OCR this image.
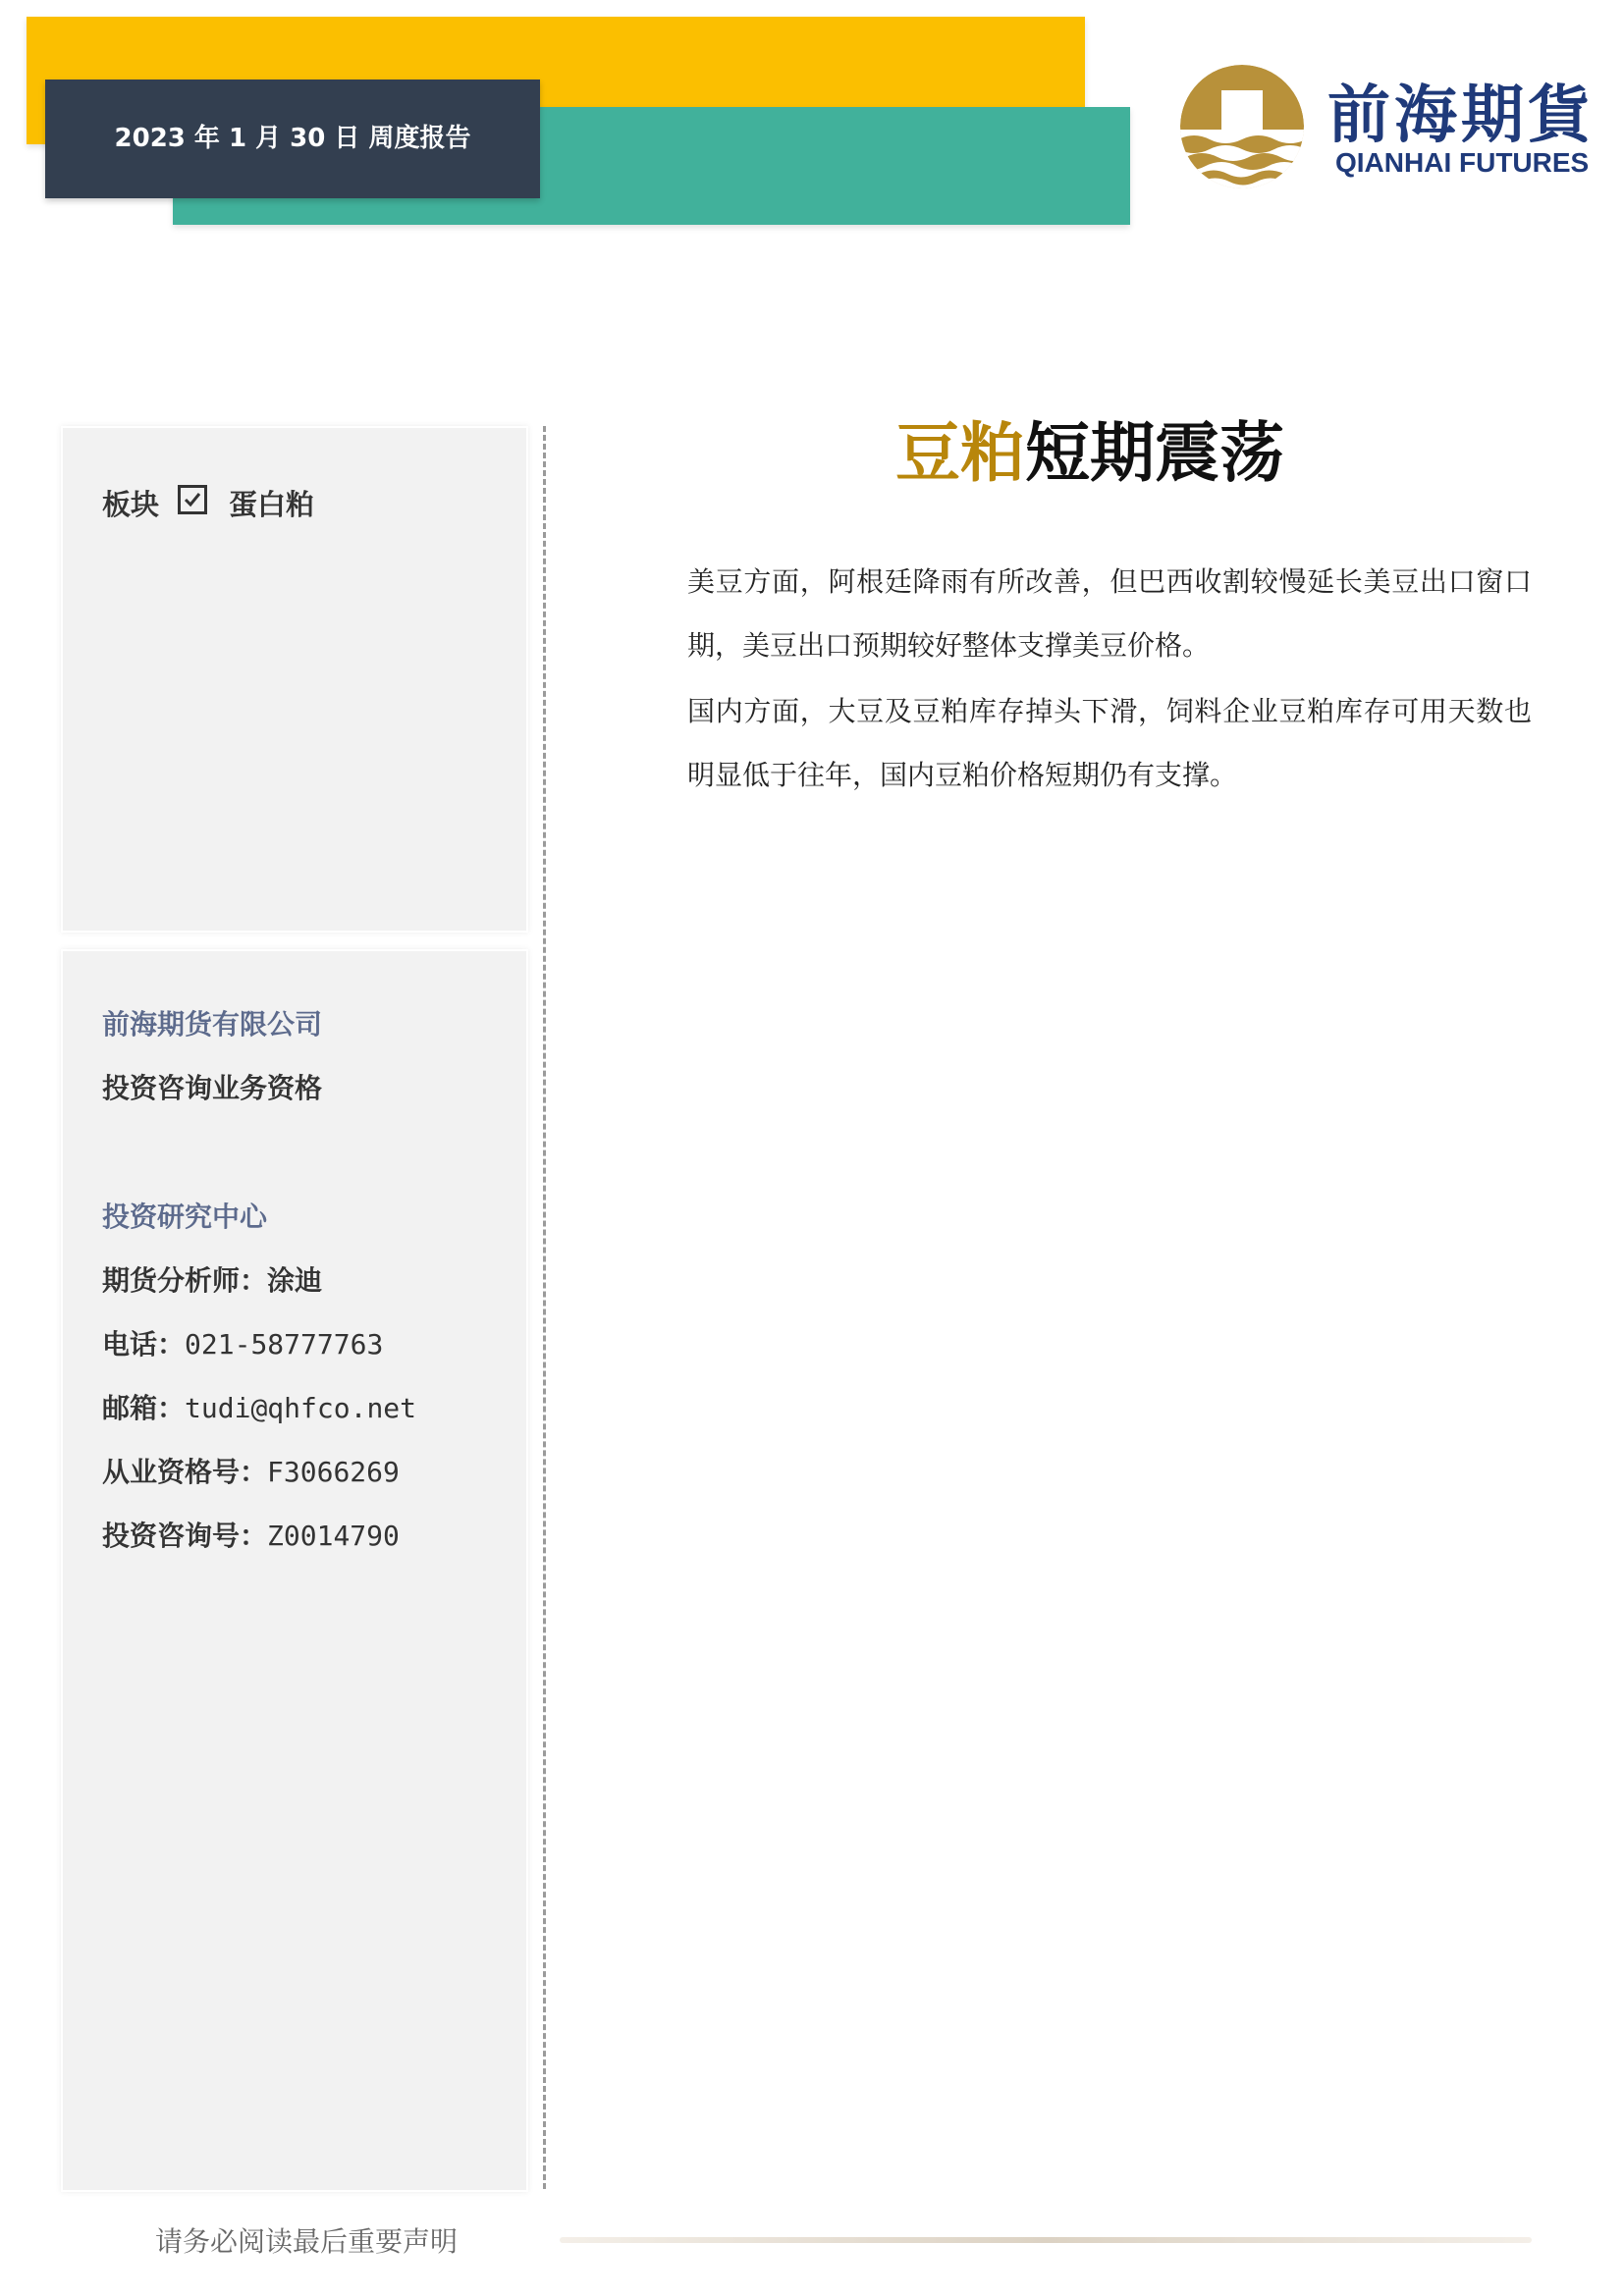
2023 年 1 月 30 日 周度报告	前海期貨
QIANHAI FUTURES
板块 蛋白粕
前海期货有限公司
投资咨询业务资格
投资研究中心
期货分析师：涂迪
电话：021-58777763
邮箱：tudi@qhfco.net
从业资格号：F3066269
投资咨询号：Z0014790
豆粕短期震荡
美豆方面，阿根廷降雨有所改善，但巴西收割较慢延长美豆出口窗口期，美豆出口预期较好整体支撑美豆价格。
国内方面，大豆及豆粕库存掉头下滑，饲料企业豆粕库存可用天数也明显低于往年，国内豆粕价格短期仍有支撑。
请务必阅读最后重要声明
